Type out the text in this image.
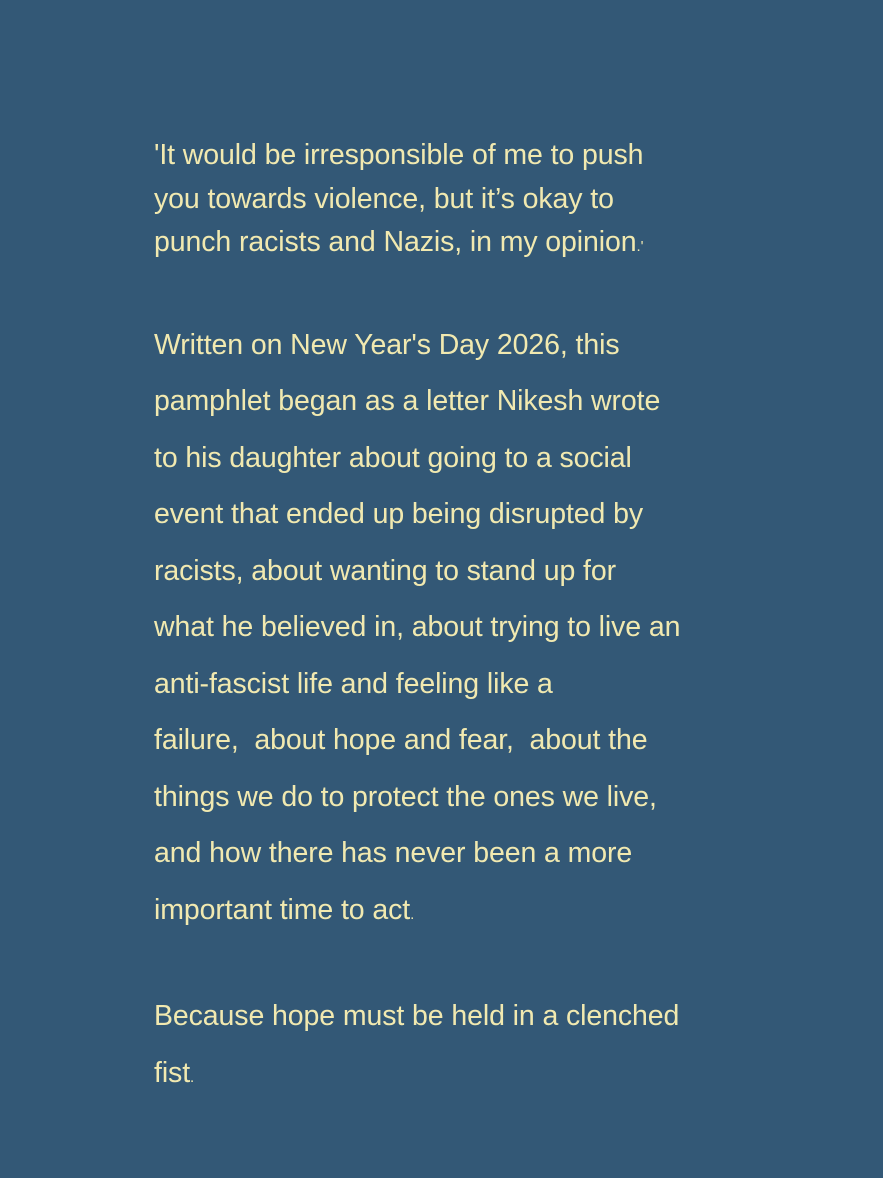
'It would be irresponsible of me to push
you towards violence, but it’s okay to
punch racists and Nazis, in my opinion.'
Written on New Year's Day 2026, this
pamphlet began as a letter Nikesh wrote
to his daughter about going to a social
event that ended up being disrupted by
racists, about wanting to stand up for
what he believed in, about trying to live an
anti-fascist life and feeling like a
failure,  about hope and fear,  about the
things we do to protect the ones we live,
and how there has never been a more
important time to act.
Because hope must be held in a clenched
fist.
